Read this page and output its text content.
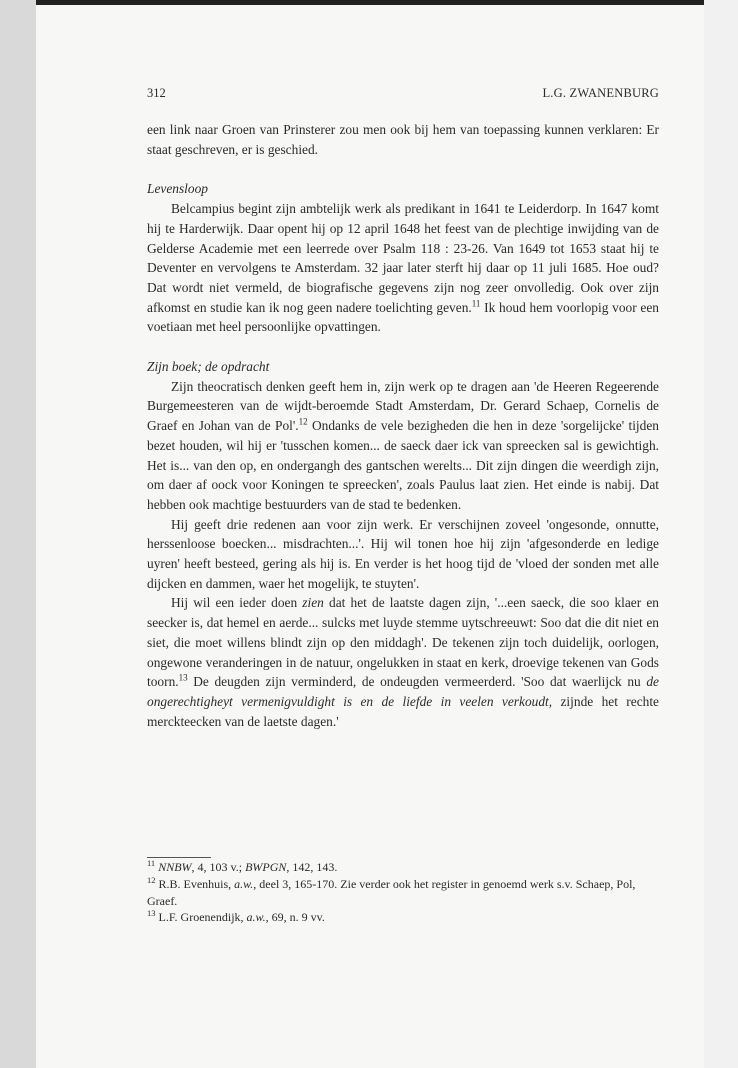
312	L.G. ZWANENBURG

een link naar Groen van Prinsterer zou men ook bij hem van toepassing kunnen verklaren: Er staat geschreven, er is geschied.

Levensloop

Belcampius begint zijn ambtelijk werk als predikant in 1641 te Leiderdorp. In 1647 komt hij te Harderwijk. Daar opent hij op 12 april 1648 het feest van de plechtige inwijding van de Gelderse Academie met een leerrede over Psalm 118 : 23-26. Van 1649 tot 1653 staat hij te Deventer en vervolgens te Amsterdam. 32 jaar later sterft hij daar op 11 juli 1685. Hoe oud? Dat wordt niet vermeld, de biografische gegevens zijn nog zeer onvolledig. Ook over zijn afkomst en studie kan ik nog geen nadere toelichting geven.$^{11}$ Ik houd hem voorlopig voor een voetiaan met heel persoonlijke opvattingen.

Zijn boek; de opdracht

Zijn theocratisch denken geeft hem in, zijn werk op te dragen aan 'de Heeren Regeerende Burgemeesteren van de wijdt-beroemde Stadt Amsterdam, Dr. Gerard Schaep, Cornelis de Graef en Johan van de Pol'.$^{12}$ Ondanks de vele bezigheden die hen in deze 'sorgelijcke' tijden bezet houden, wil hij er 'tusschen komen... de saeck daer ick van spreecken sal is gewichtigh. Het is... van den op, en ondergangh des gantschen werelts... Dit zijn dingen die weerdigh zijn, om daer af oock voor Koningen te spreecken', zoals Paulus laat zien. Het einde is nabij. Dat hebben ook machtige bestuurders van de stad te bedenken.

Hij geeft drie redenen aan voor zijn werk. Er verschijnen zoveel 'ongesonde, onnutte, herssenloose boecken... misdrachten...'. Hij wil tonen hoe hij zijn 'afgesonderde en ledige uyren' heeft besteed, gering als hij is. En verder is het hoog tijd de 'vloed der sonden met alle dijcken en dammen, waer het mogelijk, te stuyten'.

Hij wil een ieder doen zien dat het de laatste dagen zijn, '...een saeck, die soo klaer en seecker is, dat hemel en aerde... sulcks met luyde stemme uytschreeuwt: Soo dat die dit niet en siet, die moet willens blindt zijn op den middagh'. De tekenen zijn toch duidelijk, oorlogen, ongewone veranderingen in de natuur, ongelukken in staat en kerk, droevige tekenen van Gods toorn.$^{13}$ De deugden zijn verminderd, de ondeugden vermeerderd. 'Soo dat waerlijck nu de ongerechtigheyt vermenigvuldight is en de liefde in veelen verkoudt, zijnde het rechte merckteecken van de laetste dagen.'

$^{11}$ NNBW, 4, 103 v.; BWPGN, 142, 143.

$^{12}$ R.B. Evenhuis, a.w., deel 3, 165-170. Zie verder ook het register in genoemd werk s.v. Schaep, Pol, Graef.

$^{13}$ L.F. Groenendijk, a.w., 69, n. 9 vv.
